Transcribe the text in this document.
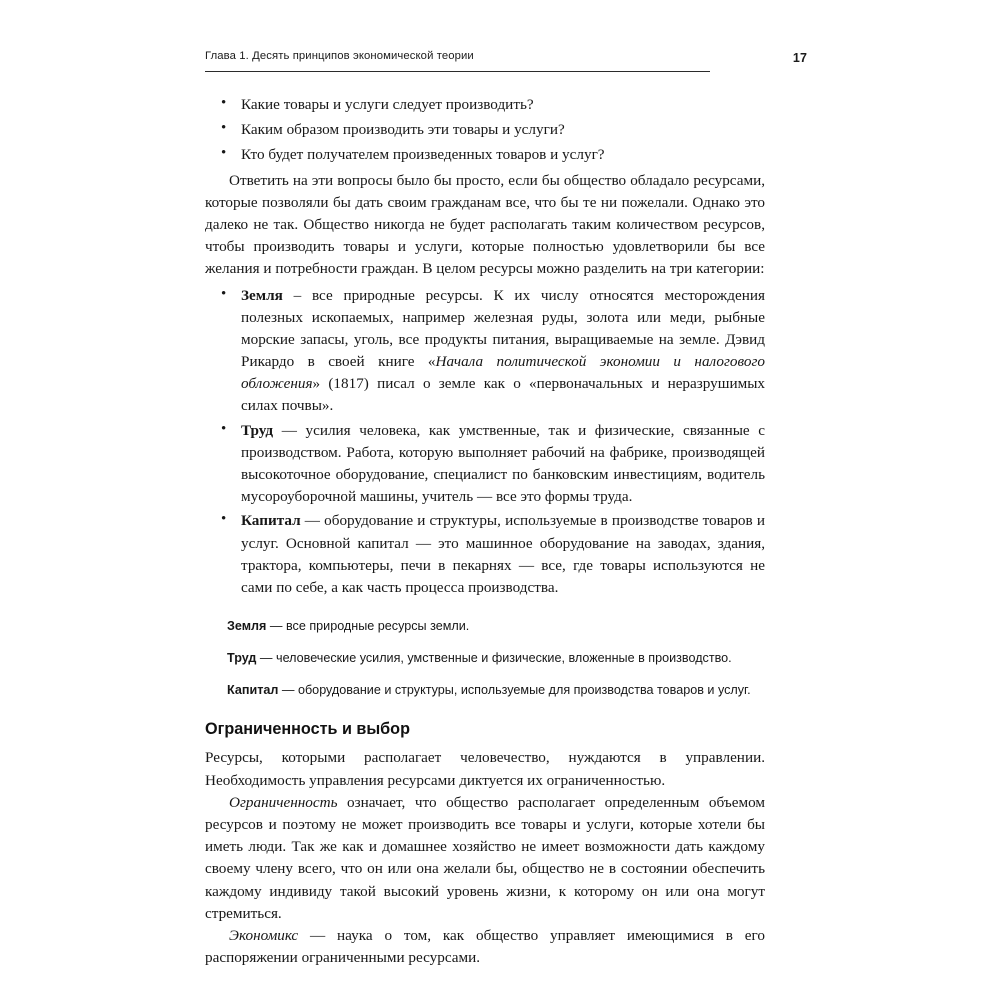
Глава 1. Десять принципов экономической теории	17
• Какие товары и услуги следует производить?
• Каким образом производить эти товары и услуги?
• Кто будет получателем произведенных товаров и услуг?

Ответить на эти вопросы было бы просто, если бы общество обладало ресурсами, которые позволяли бы дать своим гражданам все, что бы те ни пожелали. Однако это далеко не так. Общество никогда не будет располагать таким количеством ресурсов, чтобы производить товары и услуги, которые полностью удовлетворили бы все желания и потребности граждан. В целом ресурсы можно разделить на три категории:

• Земля – все природные ресурсы. К их числу относятся месторождения полезных ископаемых, например железная руды, золота или меди, рыбные морские запасы, уголь, все продукты питания, выращиваемые на земле. Дэвид Рикардо в своей книге «Начала политической экономии и налогового обложения» (1817) писал о земле как о «первоначальных и неразрушимых силах почвы».
• Труд — усилия человека, как умственные, так и физические, связанные с производством. Работа, которую выполняет рабочий на фабрике, производящей высокоточное оборудование, специалист по банковским инвестициям, водитель мусороуборочной машины, учитель — все это формы труда.
• Капитал — оборудование и структуры, используемые в производстве товаров и услуг. Основной капитал — это машинное оборудование на заводах, здания, трактора, компьютеры, печи в пекарнях — все, где товары используются не сами по себе, а как часть процесса производства.
Земля — все природные ресурсы земли.
Труд — человеческие усилия, умственные и физические, вложенные в производство.
Капитал — оборудование и структуры, используемые для производства товаров и услуг.
Ограниченность и выбор

Ресурсы, которыми располагает человечество, нуждаются в управлении. Необходимость управления ресурсами диктуется их ограниченностью.

Ограниченность означает, что общество располагает определенным объемом ресурсов и поэтому не может производить все товары и услуги, которые хотели бы иметь люди. Так же как и домашнее хозяйство не имеет возможности дать каждому своему члену всего, что он или она желали бы, общество не в состоянии обеспечить каждому индивиду такой высокий уровень жизни, к которому он или она могут стремиться.

Экономикс — наука о том, как общество управляет имеющимися в его распоряжении ограниченными ресурсами.
